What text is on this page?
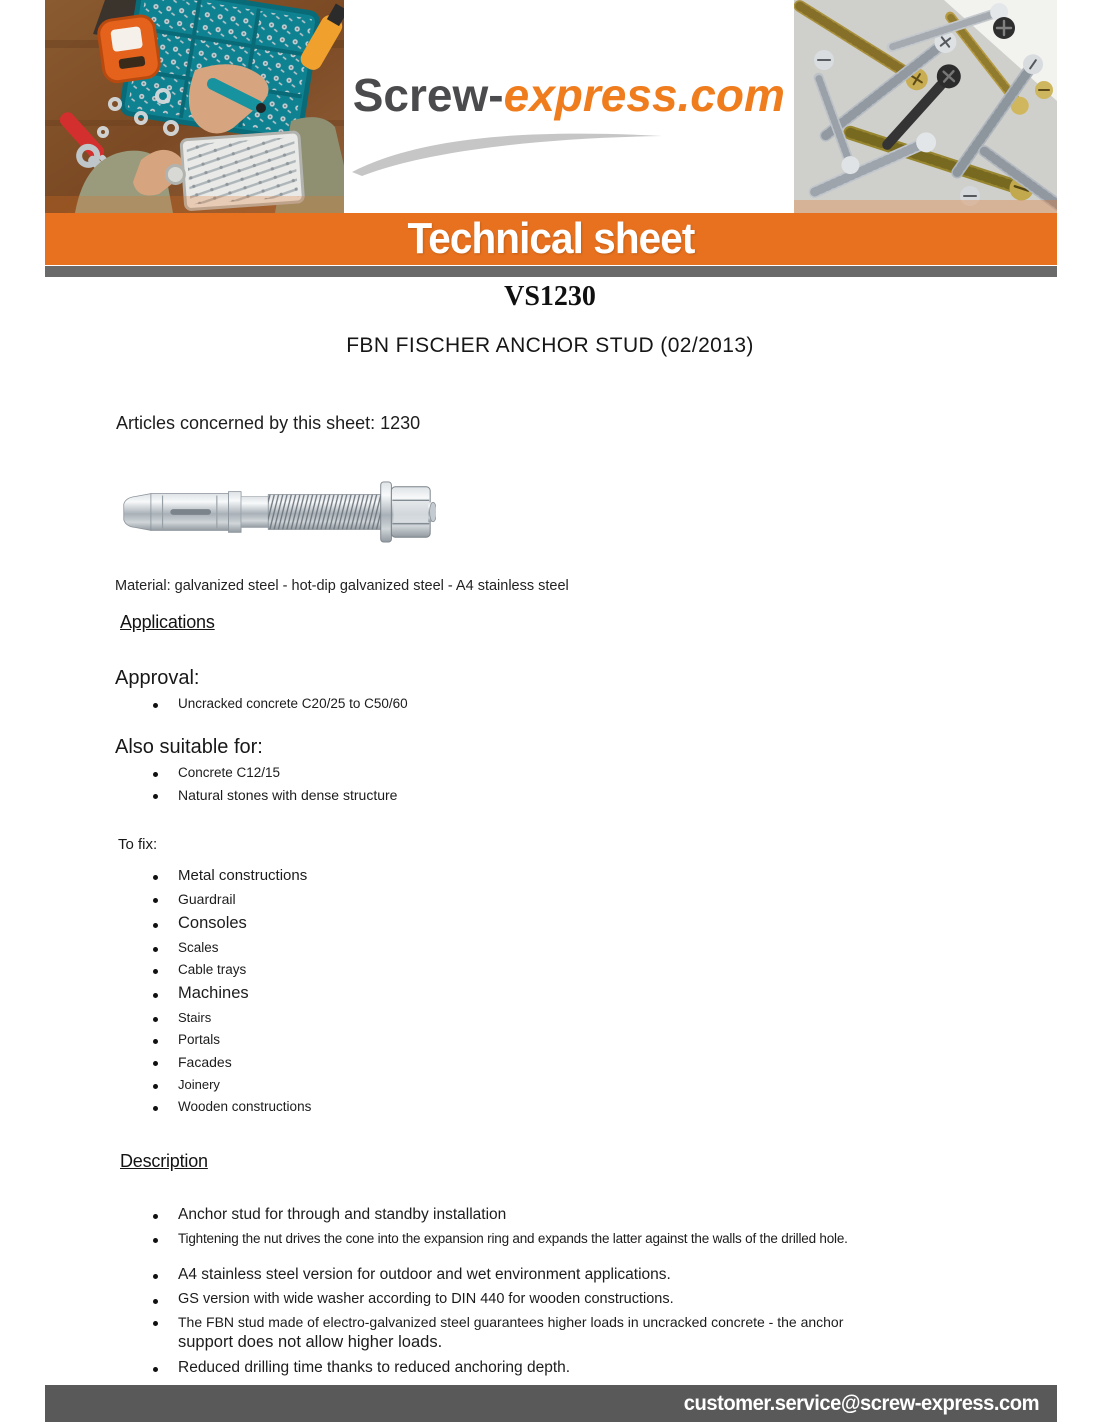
Screw-express.com
Technical sheet
VS1230
FBN FISCHER ANCHOR STUD (02/2013)

Articles concerned by this sheet: 1230

Material: galvanized steel - hot-dip galvanized steel - A4 stainless steel

Applications
Approval:
Uncracked concrete C20/25 to C50/60
Also suitable for:
Concrete C12/15
Natural stones with dense structure

To fix:

Metal constructions
Guardrail
Consoles
Scales
Cable trays
Machines
Stairs
Portals
Facades
Joinery
Wooden constructions
Description
Anchor stud for through and standby installation
Tightening the nut drives the cone into the expansion ring and expands the latter against the walls of the drilled hole.
A4 stainless steel version for outdoor and wet environment applications.
GS version with wide washer according to DIN 440 for wooden constructions.
The FBN stud made of electro-galvanized steel guarantees higher loads in uncracked concrete - the anchor
support does not allow higher loads.
Reduced drilling time thanks to reduced anchoring depth.
customer.service@screw-express.com
